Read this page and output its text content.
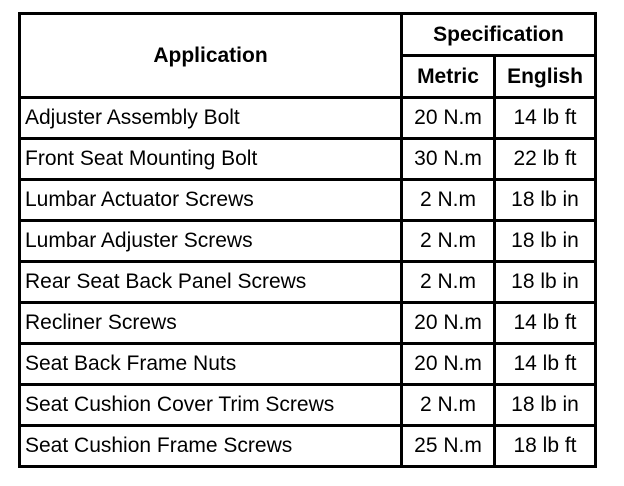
Application
Specification
Metric	English
Adjuster Assembly Bolt	20 N.m	14 lb ft
Front Seat Mounting Bolt	30 N.m	22 lb ft
Lumbar Actuator Screws	2 N.m	18 lb in
Lumbar Adjuster Screws	2 N.m	18 lb in
Rear Seat Back Panel Screws	2 N.m	18 lb in
Recliner Screws	20 N.m	14 lb ft
Seat Back Frame Nuts	20 N.m	14 lb ft
Seat Cushion Cover Trim Screws	2 N.m	18 lb in
Seat Cushion Frame Screws	25 N.m	18 lb ft
